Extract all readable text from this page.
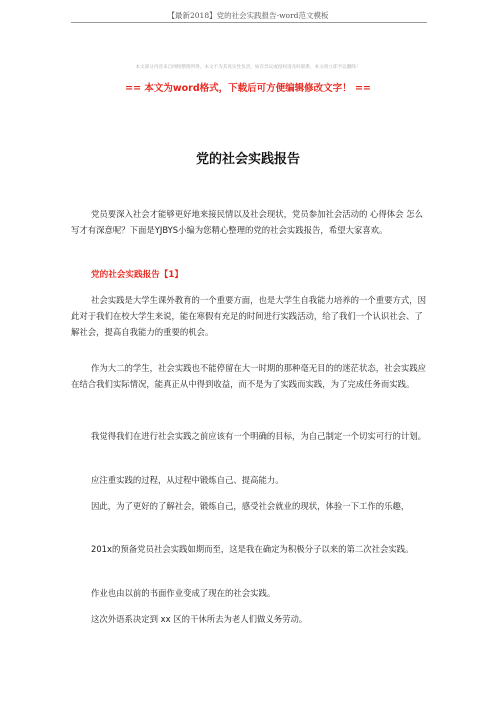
【最新2018】党的社会实践报告-word范文模板
本文部分内容来自网络整理所得，本文不为其真实性负责，如有异议或侵权请及时联系，本文将立即予以删除！
== 本文为word格式，下载后可方便编辑修改文字！ ==
党的社会实践报告
党员要深入社会才能够更好地来接民情以及社会现状，党员参加社会活动的 心得体会 怎么写才有深意呢？下面是YJBYS小编为您精心整理的党的社会实践报告，希望大家喜欢。
党的社会实践报告【1】
社会实践是大学生课外教育的一个重要方面，也是大学生自我能力培养的一个重要方式，因此对于我们在校大学生来说，能在寒假有充足的时间进行实践活动，给了我们一个认识社会、了解社会，提高自我能力的重要的机会。
作为大二的学生，社会实践也不能停留在大一时期的那种毫无目的的迷茫状态，社会实践应在结合我们实际情况，能真正从中得到收益，而不是为了实践而实践，为了完成任务而实践。
我觉得我们在进行社会实践之前应该有一个明确的目标，为自己制定一个切实可行的计划。
应注重实践的过程，从过程中锻炼自己、提高能力。
因此，为了更好的了解社会，锻炼自己，感受社会就业的现状，体验一下工作的乐趣，
201x的预备党员社会实践如期而至，这是我在确定为积极分子以来的第二次社会实践。
作业也由以前的书面作业变成了现在的社会实践。
这次外语系决定到 xx 区的干休所去为老人们做义务劳动。
